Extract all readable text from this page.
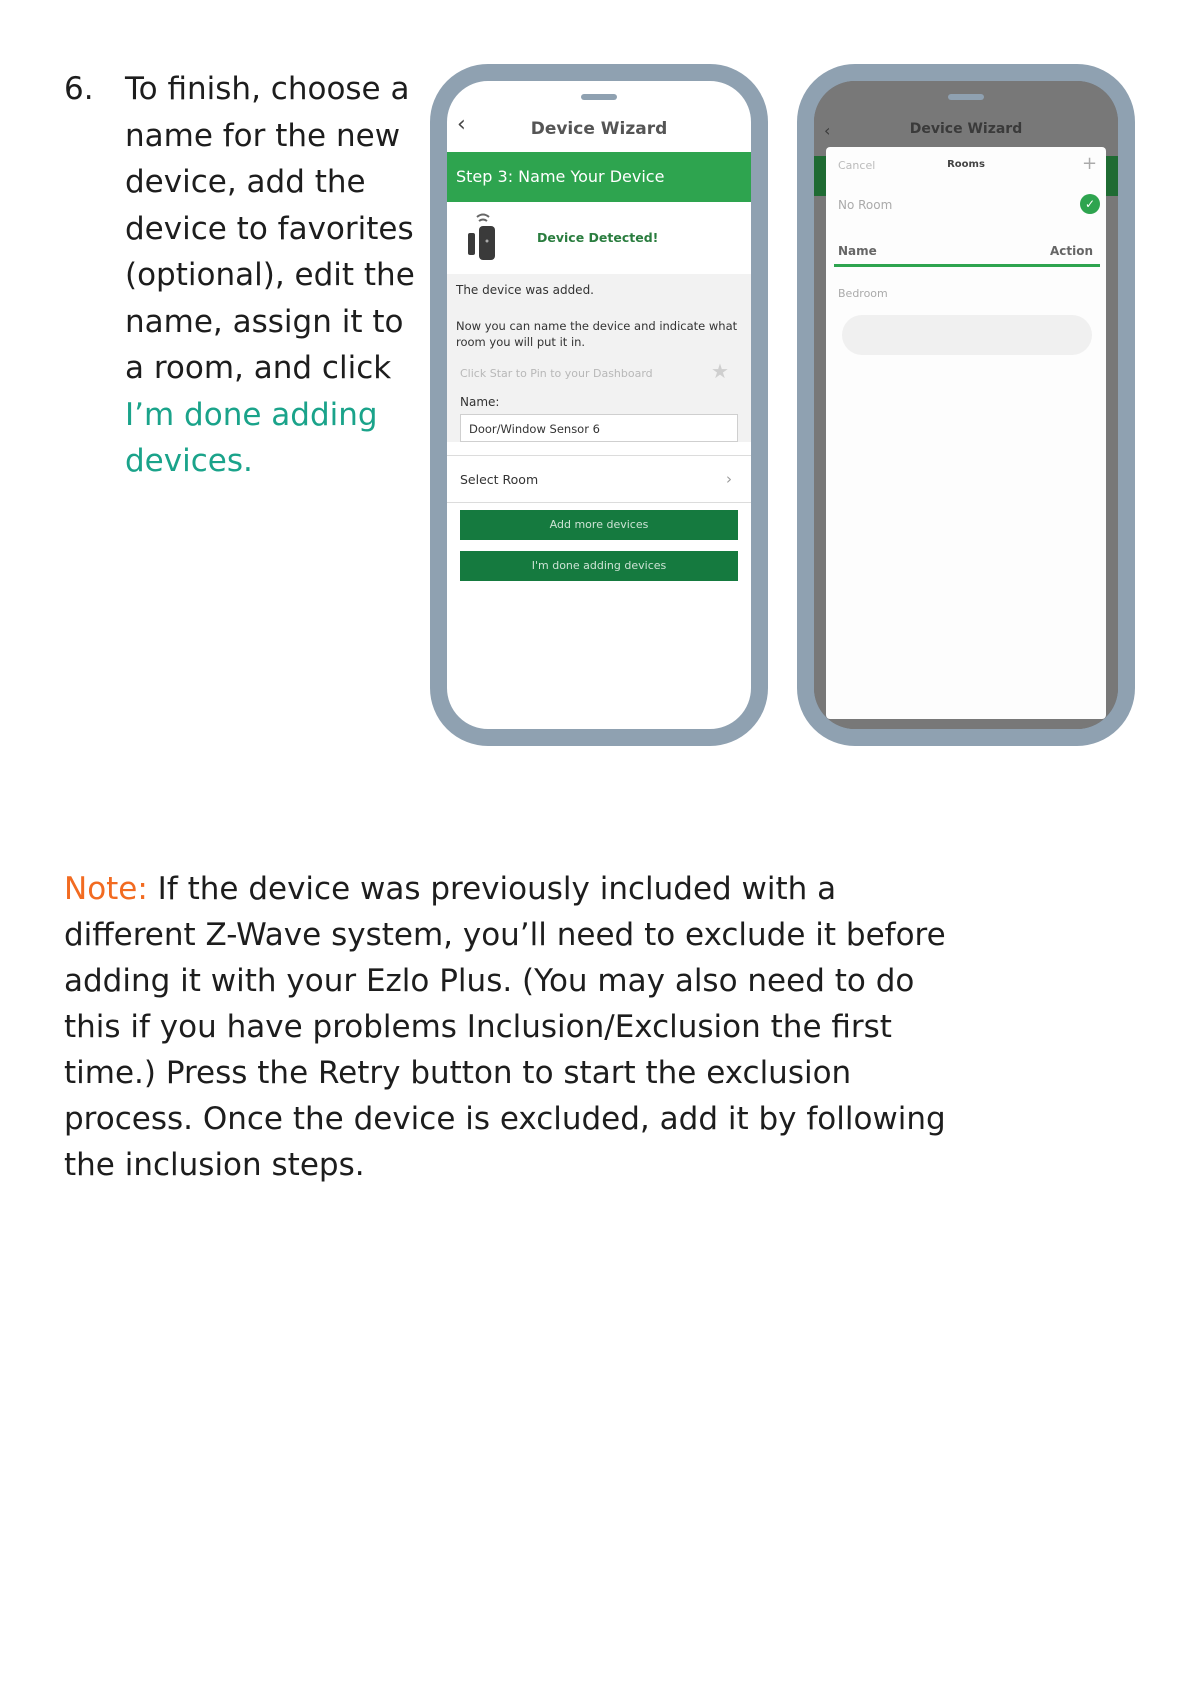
6. To finish, choose a name for the new device, add the device to favorites (optional), edit the name, assign it to a room, and click I’m done adding devices.
‹	Device Wizard
Step 3: Name Your Device
Device Detected!
The device was added.
Now you can name the device and indicate what room you will put it in.
Click Star to Pin to your Dashboard	★
Name:
Door/Window Sensor 6
Select Room	›
Add more devices
I'm done adding devices
‹	Device Wizard
Cancel	Rooms	+
No Room	✓
Name	Action
Bedroom
Note: If the device was previously included with a different Z-Wave system, you’ll need to exclude it before adding it with your Ezlo Plus. (You may also need to do this if you have problems Inclusion/Exclusion the first time.) Press the Retry button to start the exclusion process. Once the device is excluded, add it by following the inclusion steps.
